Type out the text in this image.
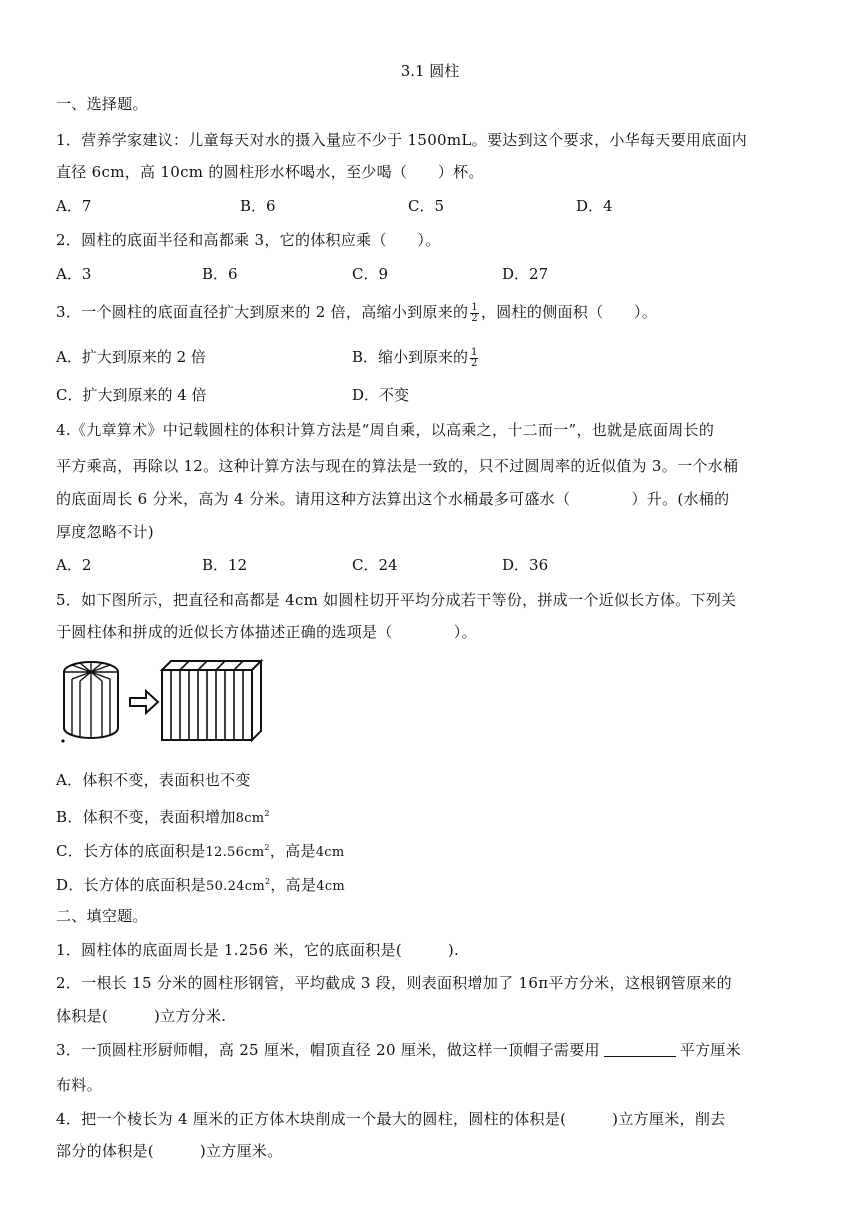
3.1 圆柱
一、选择题。
1．营养学家建议：儿童每天对水的摄入量应不少于 1500mL。要达到这个要求，小华每天要用底面内
直径 6cm，高 10cm 的圆柱形水杯喝水，至少喝（　　）杯。
A．7	B．6	C．5	D．4
2．圆柱的底面半径和高都乘 3，它的体积应乘（　　）。
A．3	B．6	C．9	D．27
3．一个圆柱的底面直径扩大到原来的 2 倍，高缩小到原来的 $\frac{1}{2}$ ，圆柱的侧面积（　　）。
A．扩大到原来的 2 倍	B．缩小到原来的 $\frac{1}{2}$
C．扩大到原来的 4 倍	D．不变
4.《九章算术》中记载圆柱的体积计算方法是“周自乘，以高乘之，十二而一”，也就是底面周长的
平方乘高，再除以 12。这种计算方法与现在的算法是一致的，只不过圆周率的近似值为 3。一个水桶
的底面周长 6 分米，高为 4 分米。请用这种方法算出这个水桶最多可盛水（　　　　）升。(水桶的
厚度忽略不计)
A．2	B．12	C．24	D．36
5．如下图所示，把直径和高都是 4cm 如圆柱切开平均分成若干等份，拼成一个近似长方体。下列关
于圆柱体和拼成的近似长方体描述正确的选项是（　　　　）。
A．体积不变，表面积也不变
B．体积不变，表面积增加$8cm^2$
C．长方体的底面积是$12.56cm^2$，高是4cm
D．长方体的底面积是$50.24cm^2$，高是4cm
二、填空题。
1．圆柱体的底面周长是 1.256 米，它的底面积是(　　　).
2．一根长 15 分米的圆柱形钢管，平均截成 3 段，则表面积增加了 16π平方分米，这根钢管原来的
体积是(　　　)立方分米.
3．一顶圆柱形厨师帽，高 25 厘米，帽顶直径 20 厘米，做这样一顶帽子需要用	平方厘米
布料。
4．把一个棱长为 4 厘米的正方体木块削成一个最大的圆柱，圆柱的体积是(　　　)立方厘米，削去
部分的体积是(　　　)立方厘米。
